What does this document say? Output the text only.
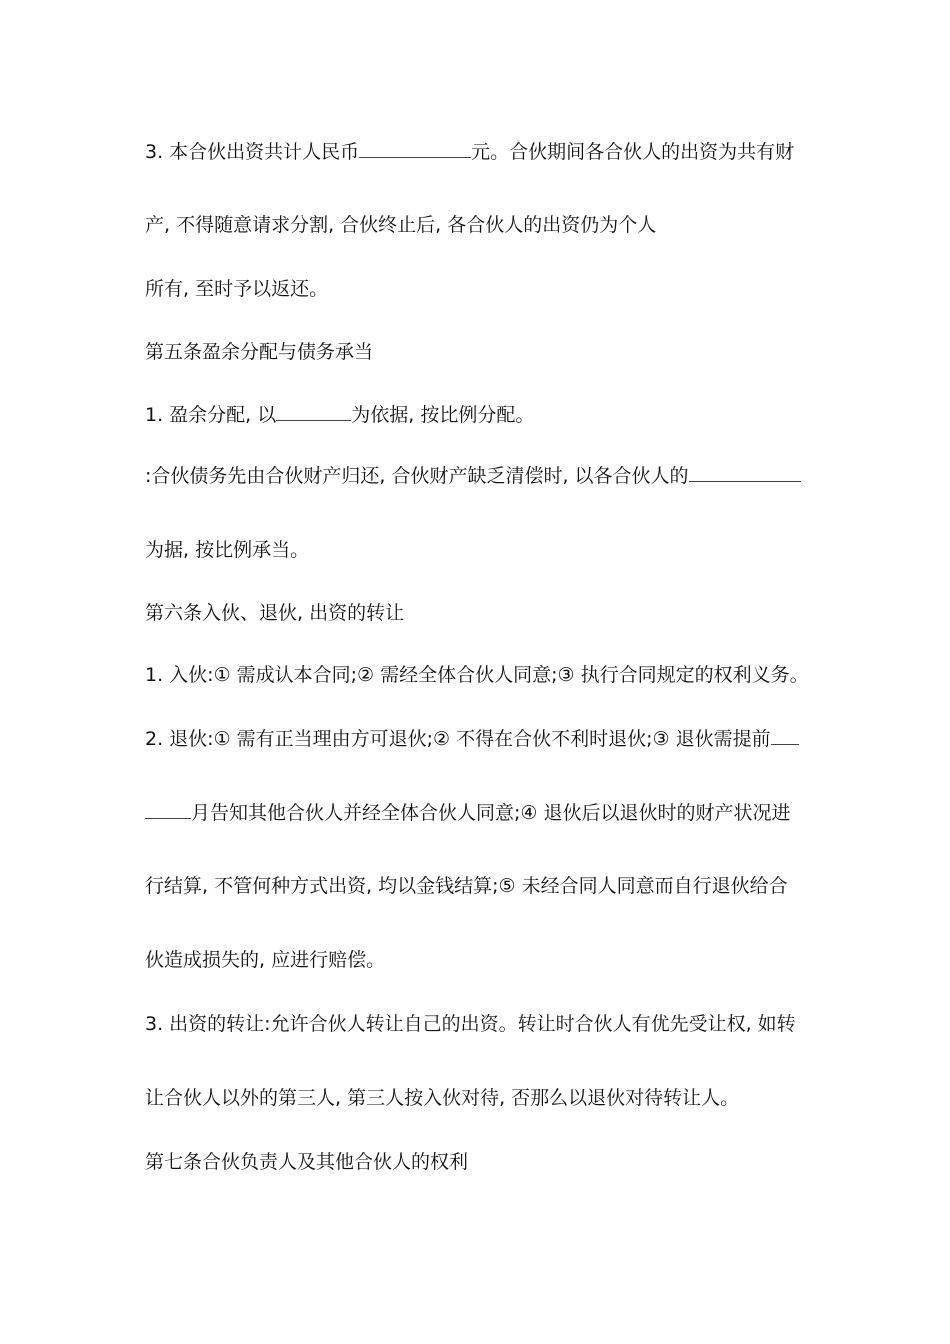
3. 本合伙出资共计人民币	元。合伙期间各合伙人的出资为共有财
产, 不得随意请求分割, 合伙终止后, 各合伙人的出资仍为个人
所有, 至时予以返还。
第五条盈余分配与债务承当
1. 盈余分配, 以	为依据, 按比例分配。
:合伙债务先由合伙财产归还, 合伙财产缺乏清偿时, 以各合伙人的
为据, 按比例承当。
第六条入伙、退伙, 出资的转让
1. 入伙:① 需成认本合同;② 需经全体合伙人同意;③ 执行合同规定的权利义务。
2. 退伙:① 需有正当理由方可退伙;② 不得在合伙不利时退伙;③ 退伙需提前
月告知其他合伙人并经全体合伙人同意;④ 退伙后以退伙时的财产状况进
行结算, 不管何种方式出资, 均以金钱结算;⑤ 未经合同人同意而自行退伙给合
伙造成损失的, 应进行赔偿。
3. 出资的转让:允许合伙人转让自己的出资。转让时合伙人有优先受让权, 如转
让合伙人以外的第三人, 第三人按入伙对待, 否那么以退伙对待转让人。
第七条合伙负责人及其他合伙人的权利
